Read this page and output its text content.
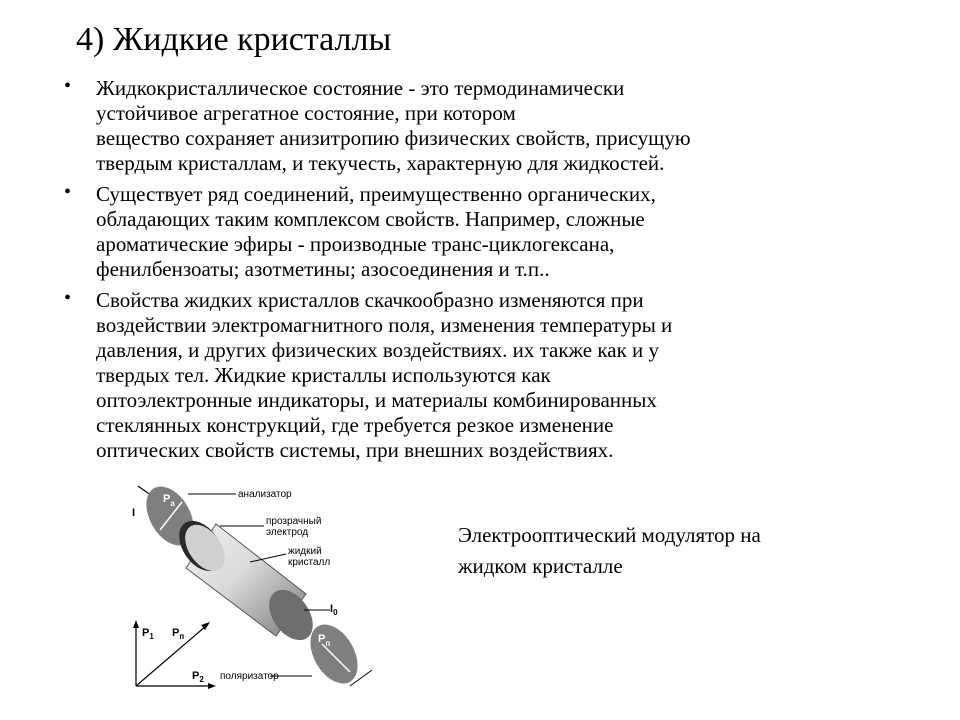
4) Жидкие кристаллы
• Жидкокристаллическое состояние - это термодинамически
устойчивое агрегатное состояние, при котором
вещество сохраняет анизитропию физических свойств, присущую
твердым кристаллам, и текучесть, характерную для жидкостей.
• Существует ряд соединений, преимущественно органических,
обладающих таким комплексом свойств. Например, сложные
ароматические эфиры - производные транс-циклогексана,
фенилбензоаты; азотметины; азосоединения и т.п..
• Свойства жидких кристаллов скачкообразно изменяются при
воздействии электромагнитного поля, изменения температуры и
давления, и других физических воздействиях. их также как и у
твердых тел. Жидкие кристаллы используются как
оптоэлектронные индикаторы, и материалы комбинированных
стеклянных конструкций, где требуется резкое изменение
оптических свойств системы, при внешних воздействиях.
I
$P_a$
анализатор
прозрачный
электрод
жидкий
кристалл
$I_0$
$P_п$
поляризатор
$P_1$ $P_п$
$P_2$
Электрооптический модулятор на
жидком кристалле
